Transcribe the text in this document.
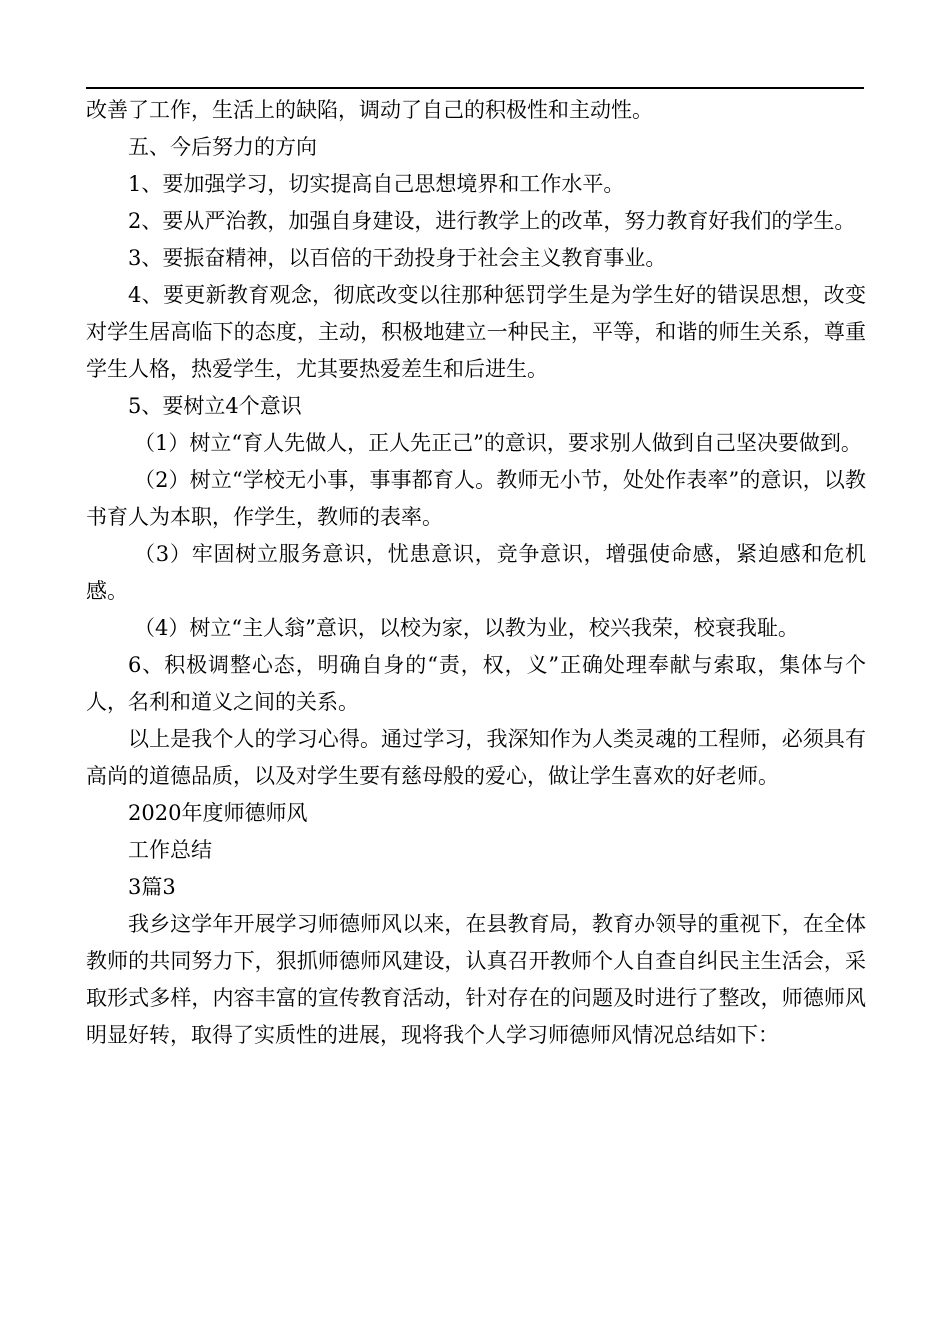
改善了工作，生活上的缺陷，调动了自己的积极性和主动性。

五、今后努力的方向

1、要加强学习，切实提高自己思想境界和工作水平。

2、要从严治教，加强自身建设，进行教学上的改革，努力教育好我们的学生。

3、要振奋精神，以百倍的干劲投身于社会主义教育事业。

4、要更新教育观念，彻底改变以往那种惩罚学生是为学生好的错误思想，改变对学生居高临下的态度，主动，积极地建立一种民主，平等，和谐的师生关系，尊重学生人格，热爱学生，尤其要热爱差生和后进生。

5、要树立4个意识

（1）树立“育人先做人，正人先正己”的意识，要求别人做到自己坚决要做到。

（2）树立“学校无小事，事事都育人。教师无小节，处处作表率”的意识，以教书育人为本职，作学生，教师的表率。

（3）牢固树立服务意识，忧患意识，竞争意识，增强使命感，紧迫感和危机感。

（4）树立“主人翁”意识，以校为家，以教为业，校兴我荣，校衰我耻。

6、积极调整心态，明确自身的“责，权，义”正确处理奉献与索取，集体与个人，名利和道义之间的关系。

以上是我个人的学习心得。通过学习，我深知作为人类灵魂的工程师，必须具有高尚的道德品质，以及对学生要有慈母般的爱心，做让学生喜欢的好老师。

2020年度师德师风

工作总结

3篇3

我乡这学年开展学习师德师风以来，在县教育局，教育办领导的重视下，在全体教师的共同努力下，狠抓师德师风建设，认真召开教师个人自查自纠民主生活会，采取形式多样，内容丰富的宣传教育活动，针对存在的问题及时进行了整改，师德师风明显好转，取得了实质性的进展，现将我个人学习师德师风情况总结如下：
